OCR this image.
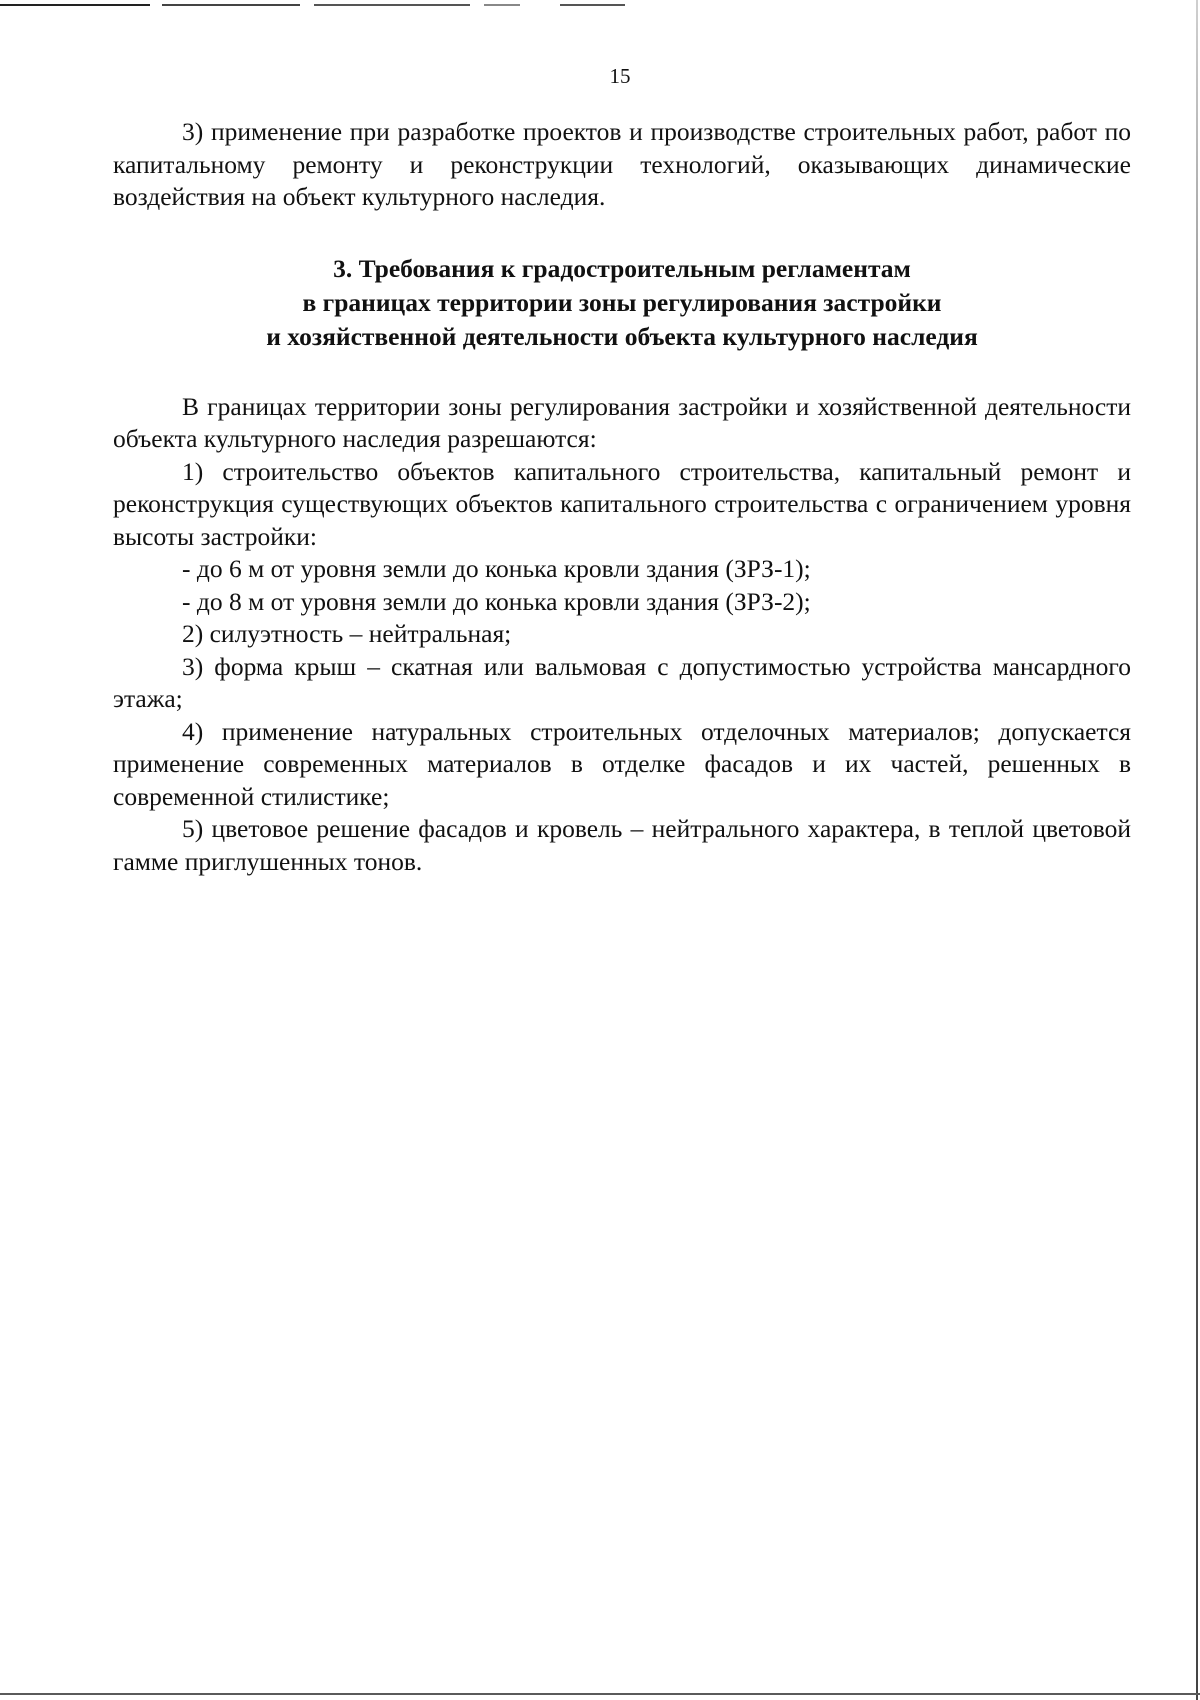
15

3) применение при разработке проектов и производстве строительных работ, работ по капитальному ремонту и реконструкции технологий, оказывающих динамические воздействия на объект культурного наследия.

3. Требования к градостроительным регламентам
в границах территории зоны регулирования застройки
и хозяйственной деятельности объекта культурного наследия

В границах территории зоны регулирования застройки и хозяйственной деятельности объекта культурного наследия разрешаются:

1) строительство объектов капитального строительства, капитальный ремонт и реконструкция существующих объектов капитального строительства с ограничением уровня высоты застройки:

- до 6 м от уровня земли до конька кровли здания (ЗРЗ-1);

- до 8 м от уровня земли до конька кровли здания (ЗРЗ-2);

2) силуэтность – нейтральная;

3) форма крыш – скатная или вальмовая с допустимостью устройства мансардного этажа;

4) применение натуральных строительных отделочных материалов; допускается применение современных материалов в отделке фасадов и их частей, решенных в современной стилистике;

5) цветовое решение фасадов и кровель – нейтрального характера, в теплой цветовой гамме приглушенных тонов.
